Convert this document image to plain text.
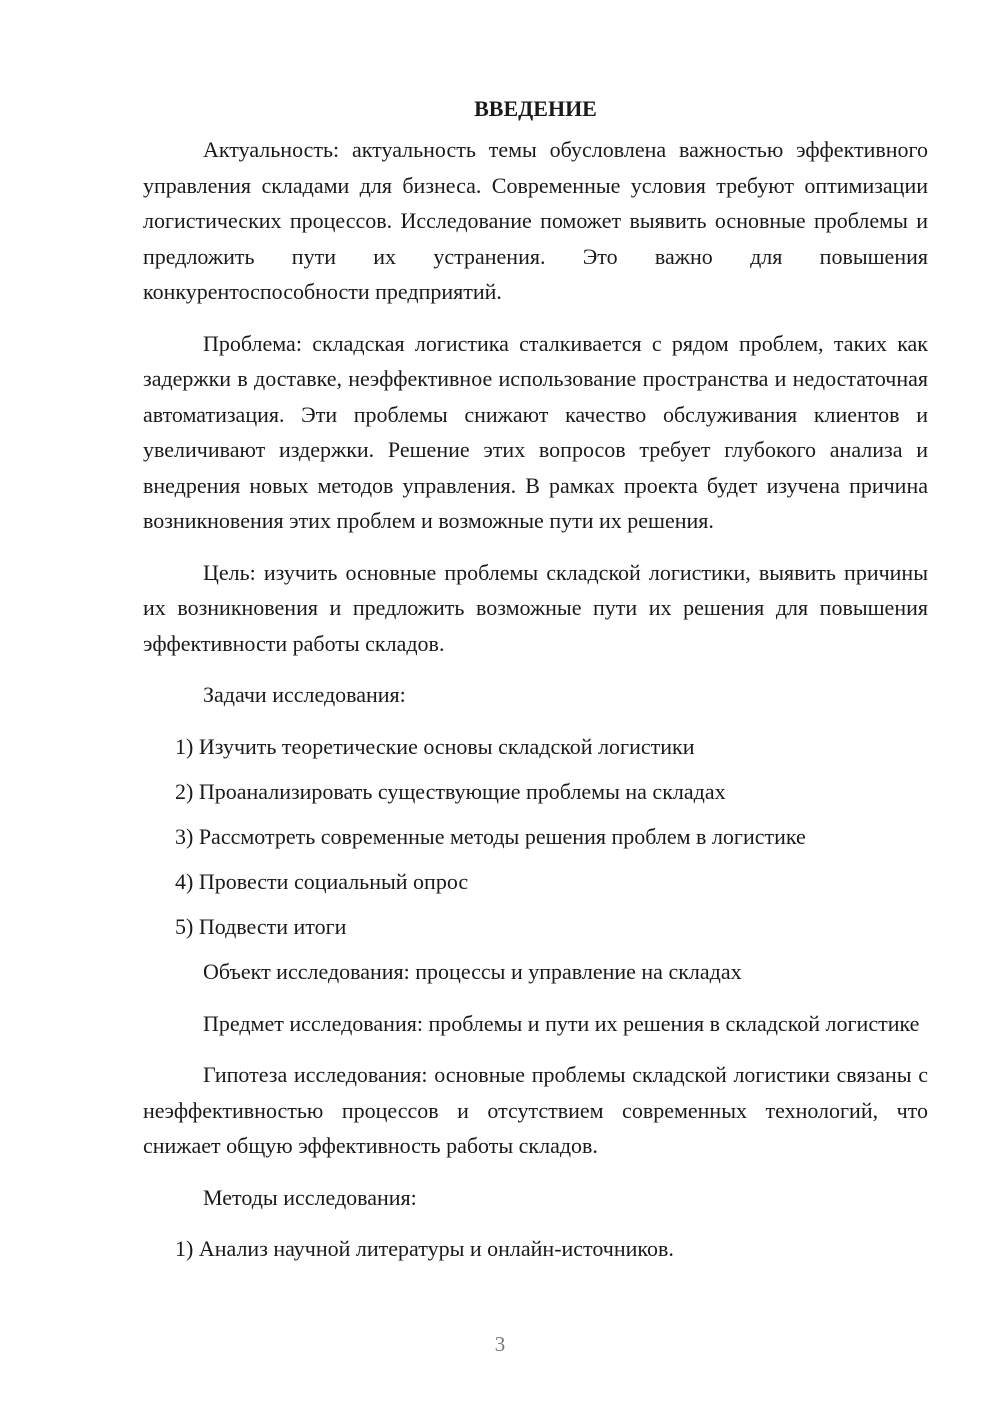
ВВЕДЕНИЕ

Актуальность: актуальность темы обусловлена важностью эффективного управления складами для бизнеса. Современные условия требуют оптимизации логистических процессов. Исследование поможет выявить основные проблемы и предложить пути их устранения. Это важно для повышения конкурентоспособности предприятий.

Проблема: складская логистика сталкивается с рядом проблем, таких как задержки в доставке, неэффективное использование пространства и недостаточная автоматизация. Эти проблемы снижают качество обслуживания клиентов и увеличивают издержки. Решение этих вопросов требует глубокого анализа и внедрения новых методов управления. В рамках проекта будет изучена причина возникновения этих проблем и возможные пути их решения.

Цель: изучить основные проблемы складской логистики, выявить причины их возникновения и предложить возможные пути их решения для повышения эффективности работы складов.

Задачи исследования:

1) Изучить теоретические основы складской логистики
2) Проанализировать существующие проблемы на складах
3) Рассмотреть современные методы решения проблем в логистике
4) Провести социальный опрос
5) Подвести итоги

Объект исследования: процессы и управление на складах

Предмет исследования: проблемы и пути их решения в складской логистике

Гипотеза исследования: основные проблемы складской логистики связаны с неэффективностью процессов и отсутствием современных технологий, что снижает общую эффективность работы складов.

Методы исследования:

1) Анализ научной литературы и онлайн-источников.
3
